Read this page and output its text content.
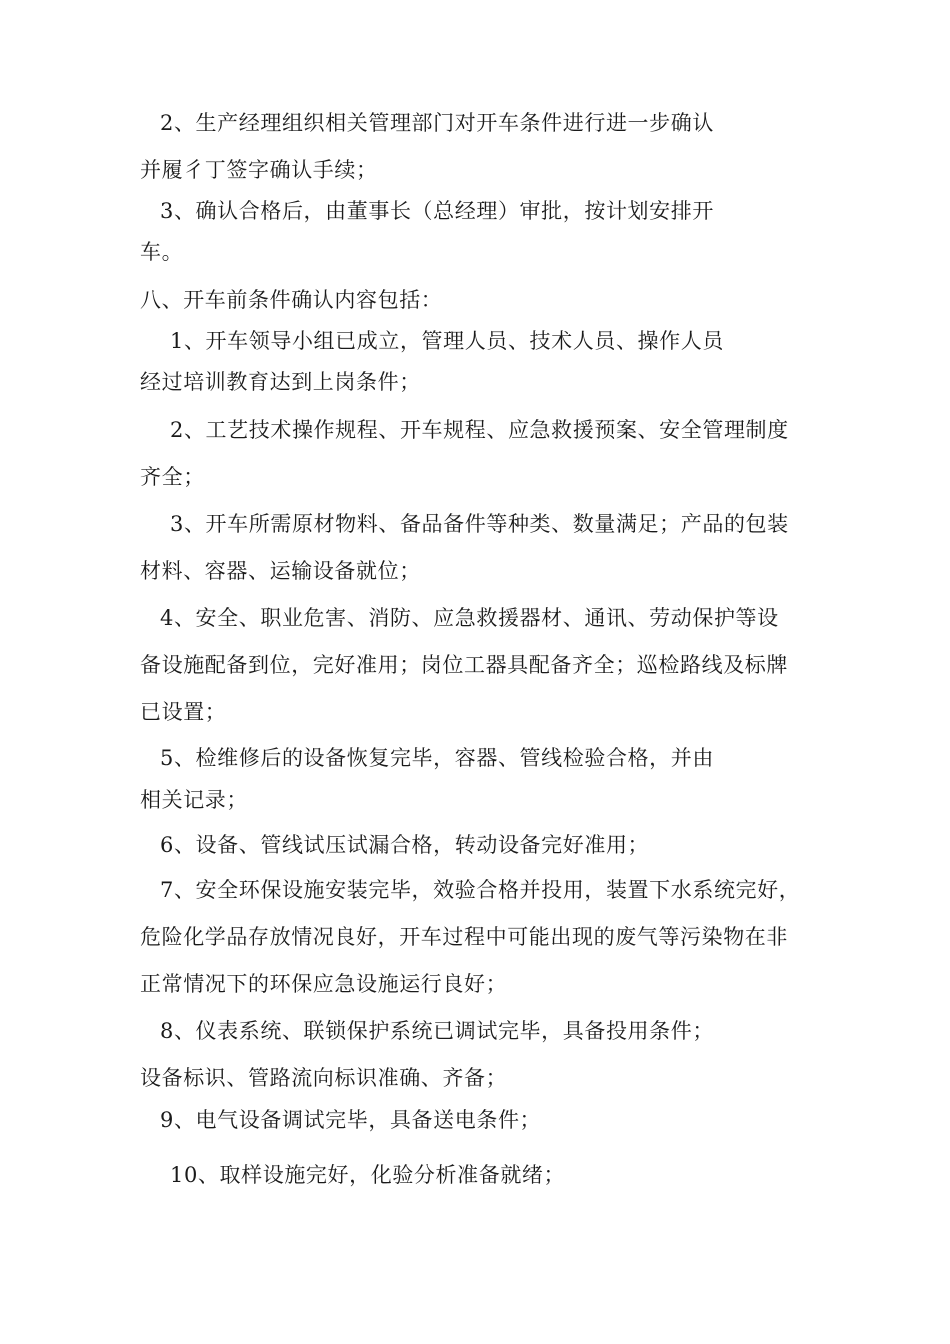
2、生产经理组织相关管理部门对开车条件进行进一步确认
并履彳丁签字确认手续；
3、确认合格后，由董事长（总经理）审批，按计划安排开
车。
八、开车前条件确认内容包括：
1、开车领导小组已成立，管理人员、技术人员、操作人员
经过培训教育达到上岗条件；
2、工艺技术操作规程、开车规程、应急救援预案、安全管理制度
齐全；
3、开车所需原材物料、备品备件等种类、数量满足；产品的包装
材料、容器、运输设备就位；
4、安全、职业危害、消防、应急救援器材、通讯、劳动保护等设
备设施配备到位，完好准用；岗位工器具配备齐全；巡检路线及标牌
已设置；
5、检维修后的设备恢复完毕，容器、管线检验合格，并由
相关记录；
6、设备、管线试压试漏合格，转动设备完好准用；
7、安全环保设施安装完毕，效验合格并投用，装置下水系统完好，
危险化学品存放情况良好，开车过程中可能出现的废气等污染物在非
正常情况下的环保应急设施运行良好；
8、仪表系统、联锁保护系统已调试完毕，具备投用条件；
设备标识、管路流向标识准确、齐备；
9、电气设备调试完毕，具备送电条件；
10、取样设施完好，化验分析准备就绪；
